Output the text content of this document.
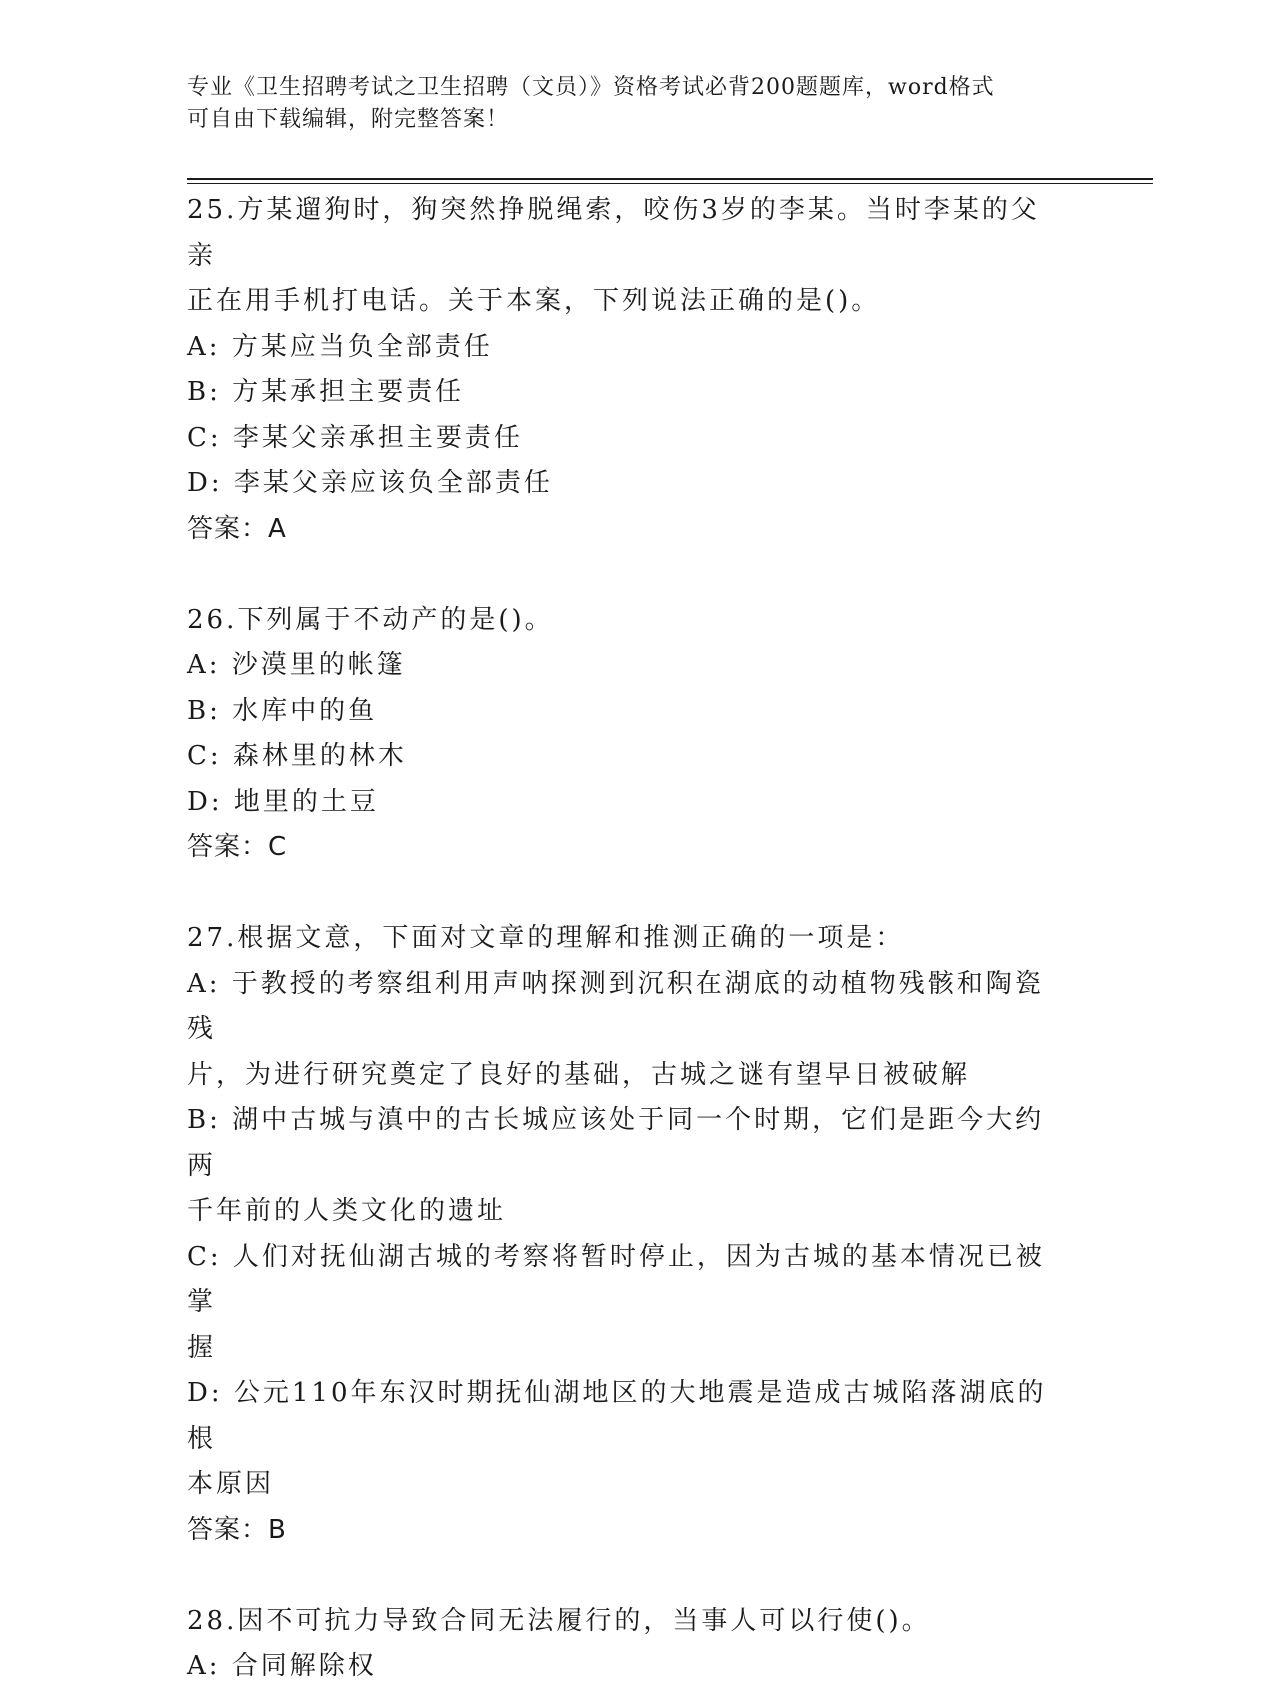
专业《卫生招聘考试之卫生招聘（文员）》资格考试必背200题题库，word格式
可自由下载编辑，附完整答案！
25.方某遛狗时，狗突然挣脱绳索，咬伤3岁的李某。当时李某的父亲
正在用手机打电话。关于本案，下列说法正确的是()。
A: 方某应当负全部责任
B: 方某承担主要责任
C: 李某父亲承担主要责任
D: 李某父亲应该负全部责任
答案：A
26.下列属于不动产的是()。
A: 沙漠里的帐篷
B: 水库中的鱼
C: 森林里的林木
D: 地里的土豆
答案：C
27.根据文意，下面对文章的理解和推测正确的一项是：
A: 于教授的考察组利用声呐探测到沉积在湖底的动植物残骸和陶瓷残
片，为进行研究奠定了良好的基础，古城之谜有望早日被破解
B: 湖中古城与滇中的古长城应该处于同一个时期，它们是距今大约两
千年前的人类文化的遗址
C: 人们对抚仙湖古城的考察将暂时停止，因为古城的基本情况已被掌
握
D: 公元110年东汉时期抚仙湖地区的大地震是造成古城陷落湖底的根
本原因
答案：B
28.因不可抗力导致合同无法履行的，当事人可以行使()。
A: 合同解除权
